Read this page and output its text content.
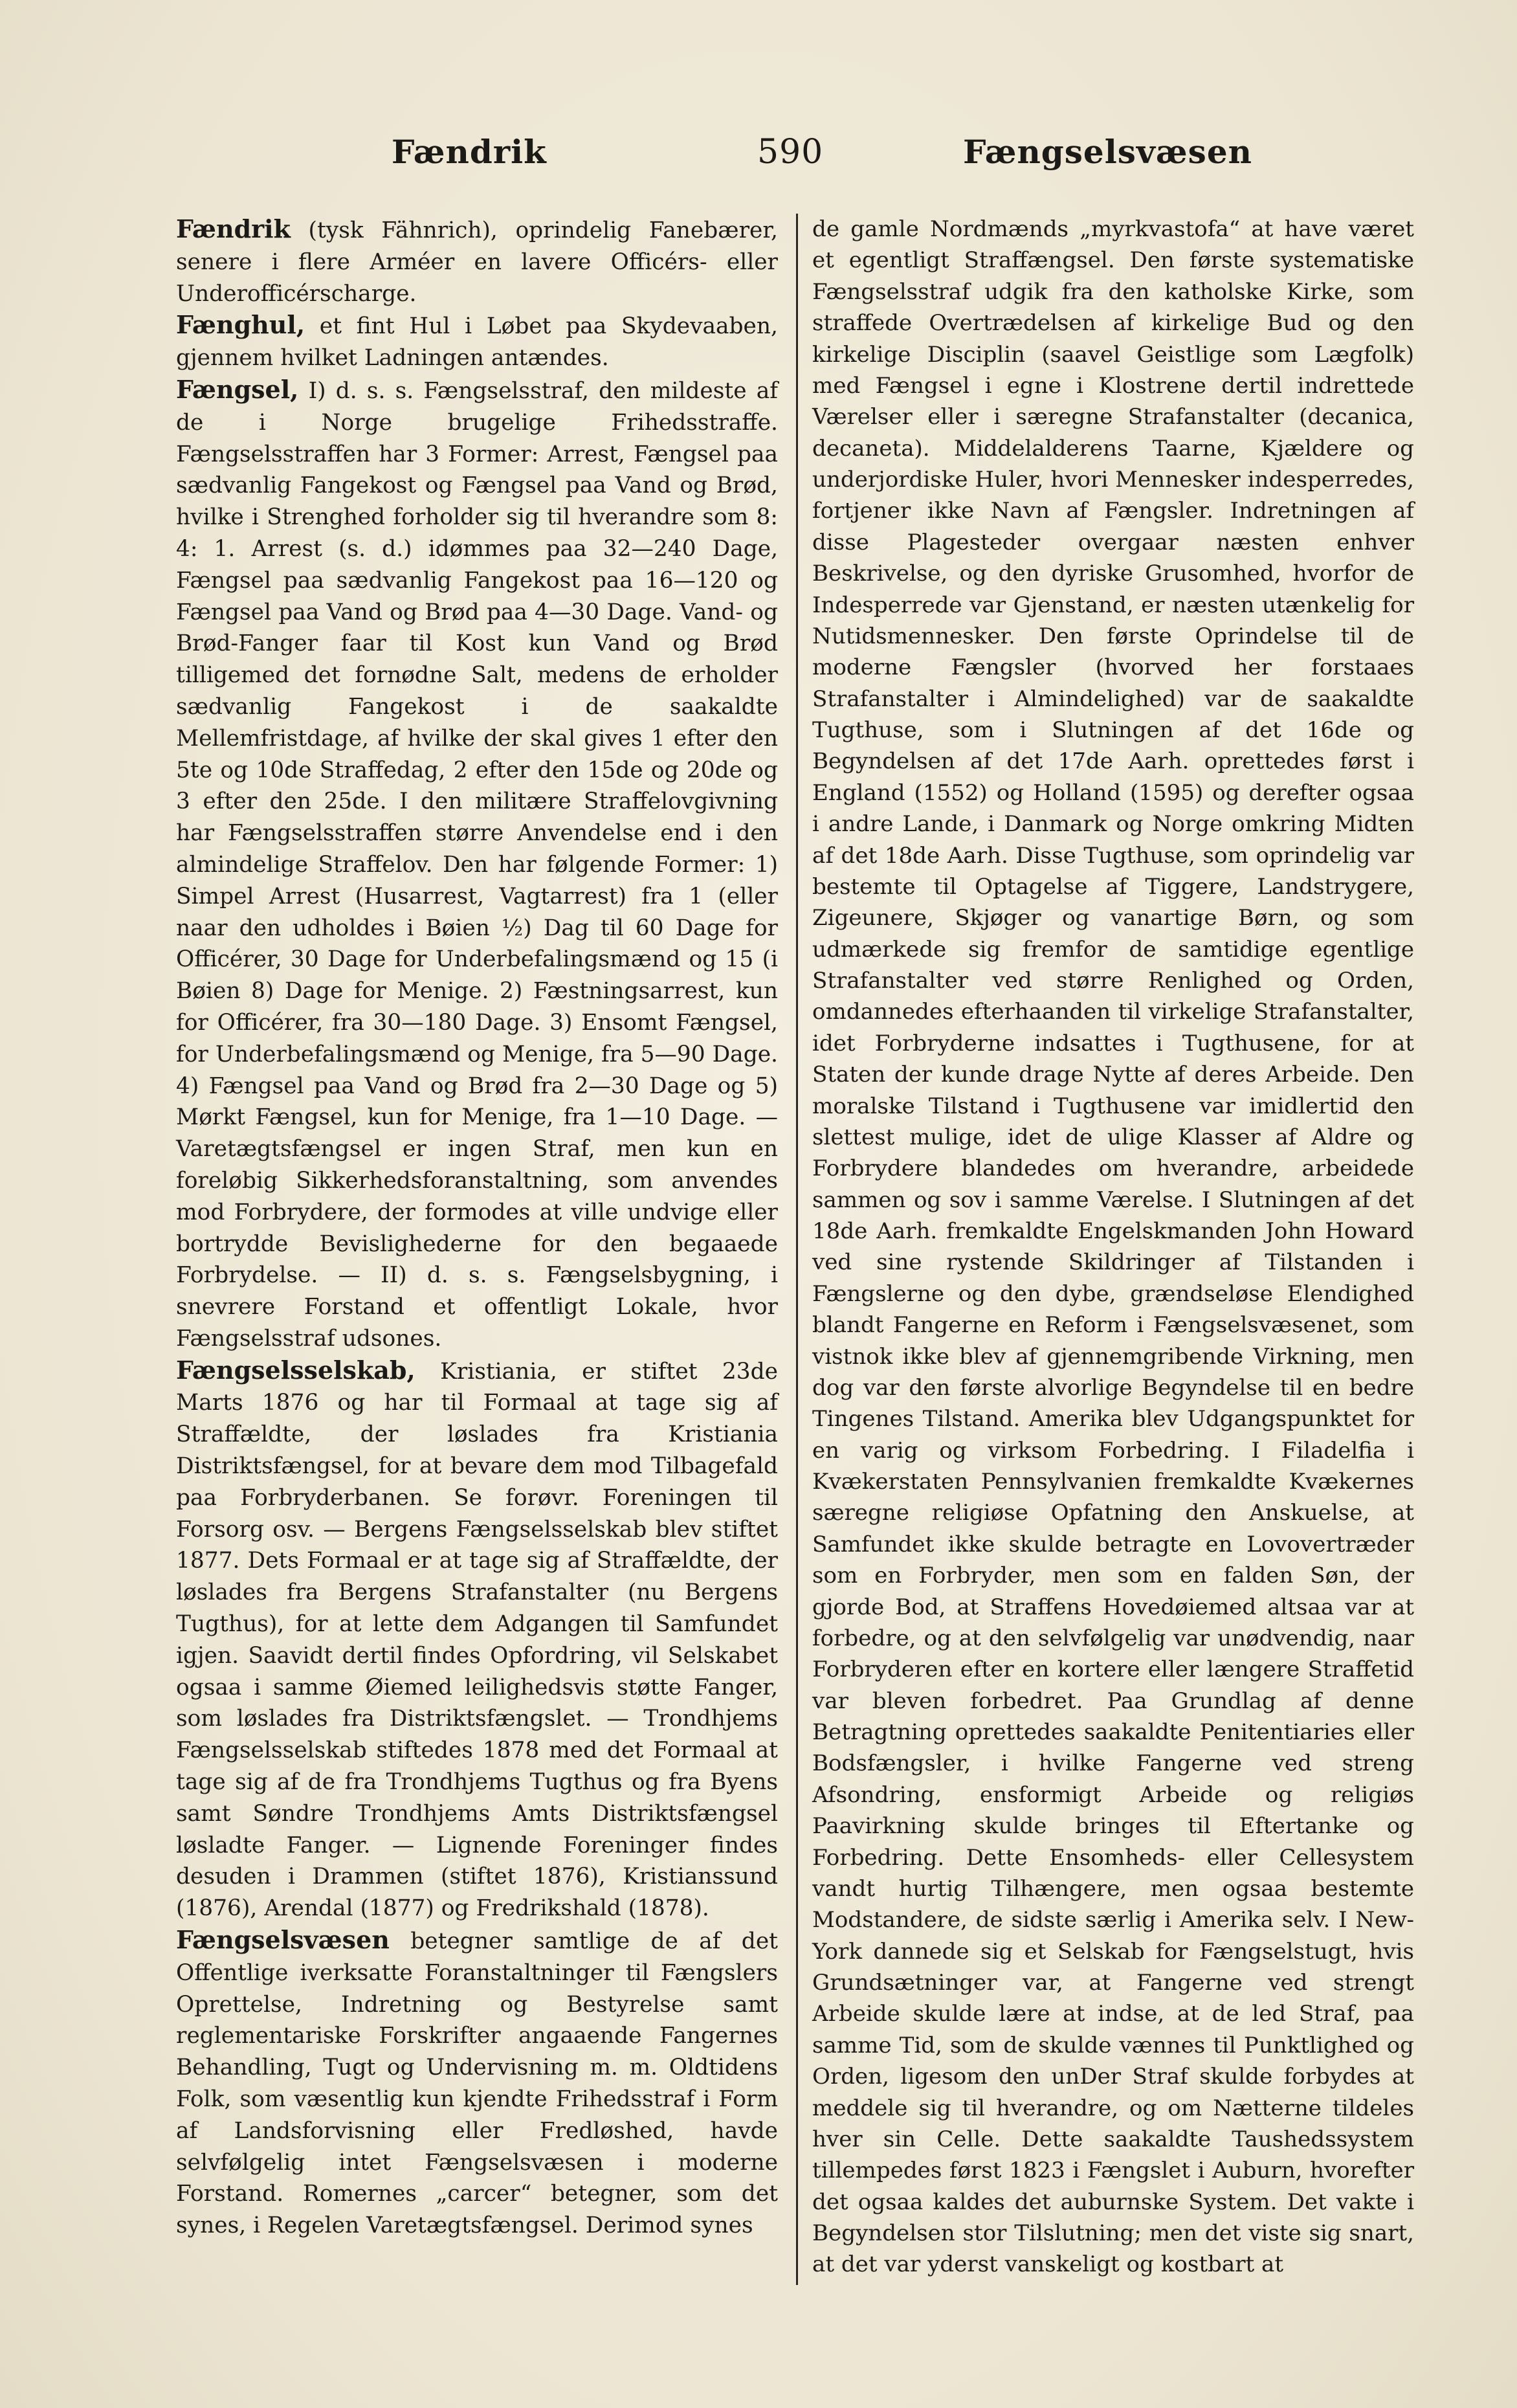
Fændrik	590	Fængselsvæsen

Fændrik (tysk Fähnrich), oprindelig Fanebærer, senere i flere Arméer en lavere Officérs- eller Underofficérscharge.

Fænghul, et fint Hul i Løbet paa Skydevaaben, gjennem hvilket Ladningen antændes.

Fængsel, I) d. s. s. Fængselsstraf, den mildeste af de i Norge brugelige Frihedsstraffe. Fængselsstraffen har 3 Former: Arrest, Fængsel paa sædvanlig Fangekost og Fængsel paa Vand og Brød, hvilke i Strenghed forholder sig til hverandre som 8: 4: 1. Arrest (s. d.) idømmes paa 32—240 Dage, Fængsel paa sædvanlig Fangekost paa 16—120 og Fængsel paa Vand og Brød paa 4—30 Dage. Vand- og Brød-Fanger faar til Kost kun Vand og Brød tilligemed det fornødne Salt, medens de erholder sædvanlig Fangekost i de saakaldte Mellemfristdage, af hvilke der skal gives 1 efter den 5te og 10de Straffedag, 2 efter den 15de og 20de og 3 efter den 25de. I den militære Straffelovgivning har Fængselsstraffen større Anvendelse end i den almindelige Straffelov. Den har følgende Former: 1) Simpel Arrest (Husarrest, Vagtarrest) fra 1 (eller naar den udholdes i Bøien ½) Dag til 60 Dage for Officérer, 30 Dage for Underbefalingsmænd og 15 (i Bøien 8) Dage for Menige. 2) Fæstningsarrest, kun for Officérer, fra 30—180 Dage. 3) Ensomt Fængsel, for Underbefalingsmænd og Menige, fra 5—90 Dage. 4) Fængsel paa Vand og Brød fra 2—30 Dage og 5) Mørkt Fængsel, kun for Menige, fra 1—10 Dage. — Varetægtsfængsel er ingen Straf, men kun en foreløbig Sikkerhedsforanstaltning, som anvendes mod Forbrydere, der formodes at ville undvige eller bortrydde Bevislighederne for den begaaede Forbrydelse. — II) d. s. s. Fængselsbygning, i snevrere Forstand et offentligt Lokale, hvor Fængselsstraf udsones.

Fængselsselskab, Kristiania, er stiftet 23de Marts 1876 og har til Formaal at tage sig af Straffældte, der løslades fra Kristiania Distriktsfængsel, for at bevare dem mod Tilbagefald paa Forbryderbanen. Se forøvr. Foreningen til Forsorg osv. — Bergens Fængselsselskab blev stiftet 1877. Dets Formaal er at tage sig af Straffældte, der løslades fra Bergens Strafanstalter (nu Bergens Tugthus), for at lette dem Adgangen til Samfundet igjen. Saavidt dertil findes Opfordring, vil Selskabet ogsaa i samme Øiemed leilighedsvis støtte Fanger, som løslades fra Distriktsfængslet. — Trondhjems Fængselsselskab stiftedes 1878 med det Formaal at tage sig af de fra Trondhjems Tugthus og fra Byens samt Søndre Trondhjems Amts Distriktsfængsel løsladte Fanger. — Lignende Foreninger findes desuden i Drammen (stiftet 1876), Kristianssund (1876), Arendal (1877) og Fredrikshald (1878).

Fængselsvæsen betegner samtlige de af det Offentlige iverksatte Foranstaltninger til Fængslers Oprettelse, Indretning og Bestyrelse samt reglementariske Forskrifter angaaende Fangernes Behandling, Tugt og Undervisning m. m. Oldtidens Folk, som væsentlig kun kjendte Frihedsstraf i Form af Landsforvisning eller Fredløshed, havde selvfølgelig intet Fængselsvæsen i moderne Forstand. Romernes „carcer“ betegner, som det synes, i Regelen Varetægtsfængsel. Derimod synes

de gamle Nordmænds „myrkvastofa“ at have været et egentligt Straffængsel. Den første systematiske Fængselsstraf udgik fra den katholske Kirke, som straffede Overtrædelsen af kirkelige Bud og den kirkelige Disciplin (saavel Geistlige som Lægfolk) med Fængsel i egne i Klostrene dertil indrettede Værelser eller i særegne Strafanstalter (decanica, decaneta). Middelalderens Taarne, Kjældere og underjordiske Huler, hvori Mennesker indesperredes, fortjener ikke Navn af Fængsler. Indretningen af disse Plagesteder overgaar næsten enhver Beskrivelse, og den dyriske Grusomhed, hvorfor de Indesperrede var Gjenstand, er næsten utænkelig for Nutidsmennesker. Den første Oprindelse til de moderne Fængsler (hvorved her forstaaes Strafanstalter i Almindelighed) var de saakaldte Tugthuse, som i Slutningen af det 16de og Begyndelsen af det 17de Aarh. oprettedes først i England (1552) og Holland (1595) og derefter ogsaa i andre Lande, i Danmark og Norge omkring Midten af det 18de Aarh. Disse Tugthuse, som oprindelig var bestemte til Optagelse af Tiggere, Landstrygere, Zigeunere, Skjøger og vanartige Børn, og som udmærkede sig fremfor de samtidige egentlige Strafanstalter ved større Renlighed og Orden, omdannedes efterhaanden til virkelige Strafanstalter, idet Forbryderne indsattes i Tugthusene, for at Staten der kunde drage Nytte af deres Arbeide. Den moralske Tilstand i Tugthusene var imidlertid den slettest mulige, idet de ulige Klasser af Aldre og Forbrydere blandedes om hverandre, arbeidede sammen og sov i samme Værelse. I Slutningen af det 18de Aarh. fremkaldte Engelskmanden John Howard ved sine rystende Skildringer af Tilstanden i Fængslerne og den dybe, grændseløse Elendighed blandt Fangerne en Reform i Fængselsvæsenet, som vistnok ikke blev af gjennemgribende Virkning, men dog var den første alvorlige Begyndelse til en bedre Tingenes Tilstand. Amerika blev Udgangspunktet for en varig og virksom Forbedring. I Filadelfia i Kvækerstaten Pennsylvanien fremkaldte Kvækernes særegne religiøse Opfatning den Anskuelse, at Samfundet ikke skulde betragte en Lovovertræder som en Forbryder, men som en falden Søn, der gjorde Bod, at Straffens Hovedøiemed altsaa var at forbedre, og at den selvfølgelig var unødvendig, naar Forbryderen efter en kortere eller længere Straffetid var bleven forbedret. Paa Grundlag af denne Betragtning oprettedes saakaldte Penitentiaries eller Bodsfængsler, i hvilke Fangerne ved streng Afsondring, ensformigt Arbeide og religiøs Paavirkning skulde bringes til Eftertanke og Forbedring. Dette Ensomheds- eller Cellesystem vandt hurtig Tilhængere, men ogsaa bestemte Modstandere, de sidste særlig i Amerika selv. I New-York dannede sig et Selskab for Fængselstugt, hvis Grundsætninger var, at Fangerne ved strengt Arbeide skulde lære at indse, at de led Straf, paa samme Tid, som de skulde vænnes til Punktlighed og Orden, ligesom den unDer Straf skulde forbydes at meddele sig til hverandre, og om Nætterne tildeles hver sin Celle. Dette saakaldte Taushedssystem tillempedes først 1823 i Fængslet i Auburn, hvorefter det ogsaa kaldes det auburnske System. Det vakte i Begyndelsen stor Tilslutning; men det viste sig snart, at det var yderst vanskeligt og kostbart at
